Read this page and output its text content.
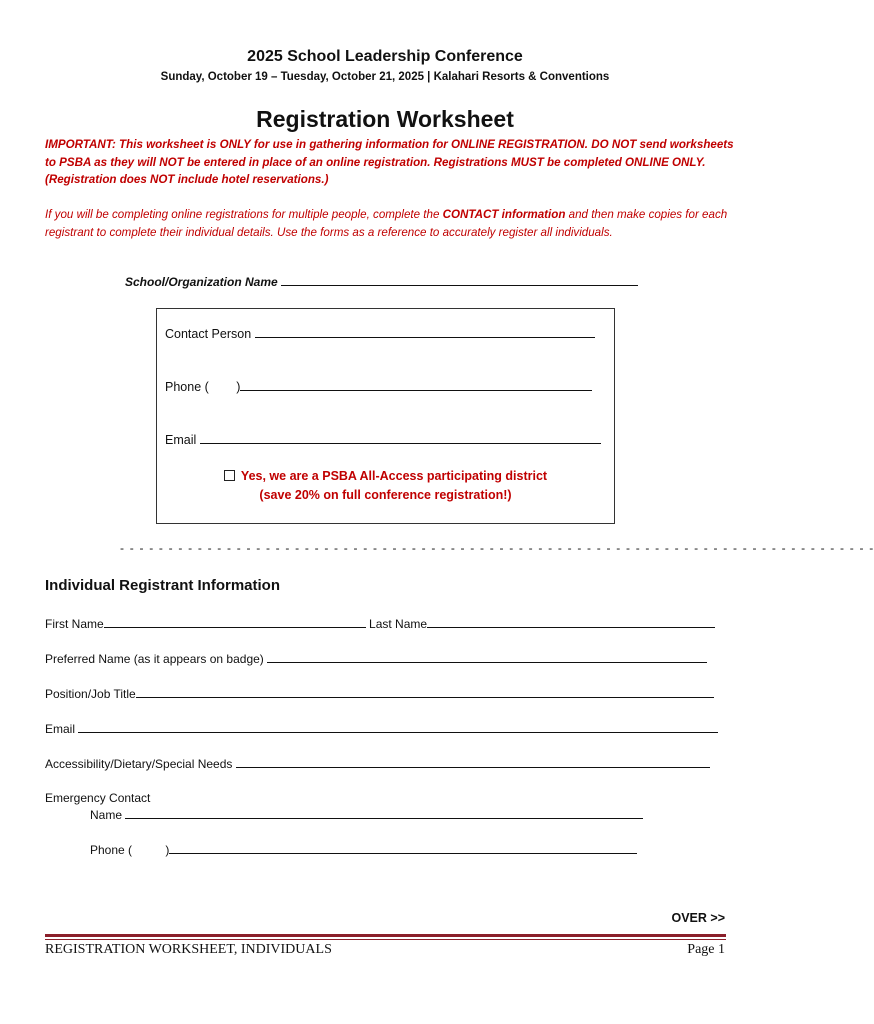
2025 School Leadership Conference
Sunday, October 19 – Tuesday, October 21, 2025 | Kalahari Resorts & Conventions
Registration Worksheet
IMPORTANT: This worksheet is ONLY for use in gathering information for ONLINE REGISTRATION. DO NOT send worksheets to PSBA as they will NOT be entered in place of an online registration. Registrations MUST be completed ONLINE ONLY. (Registration does NOT include hotel reservations.)
If you will be completing online registrations for multiple people, complete the CONTACT information and then make copies for each registrant to complete their individual details. Use the forms as a reference to accurately register all individuals.
School/Organization Name
Contact Person
Phone ( )
Email
Yes, we are a PSBA All-Access participating district
(save 20% on full conference registration!)
- - - - - - - - - - - - - - - - - - - - - - - - - - - - - - - - - - - - - - - - - - - - - - - - - - - - - - - - - - - - - - - - - - - - - - - - - - - - - -
Individual Registrant Information
First Name	Last Name
Preferred Name (as it appears on badge)
Position/Job Title
Email
Accessibility/Dietary/Special Needs
Emergency Contact
Name
Phone (	)
OVER >>
REGISTRATION WORKSHEET, INDIVIDUALS	Page 1
